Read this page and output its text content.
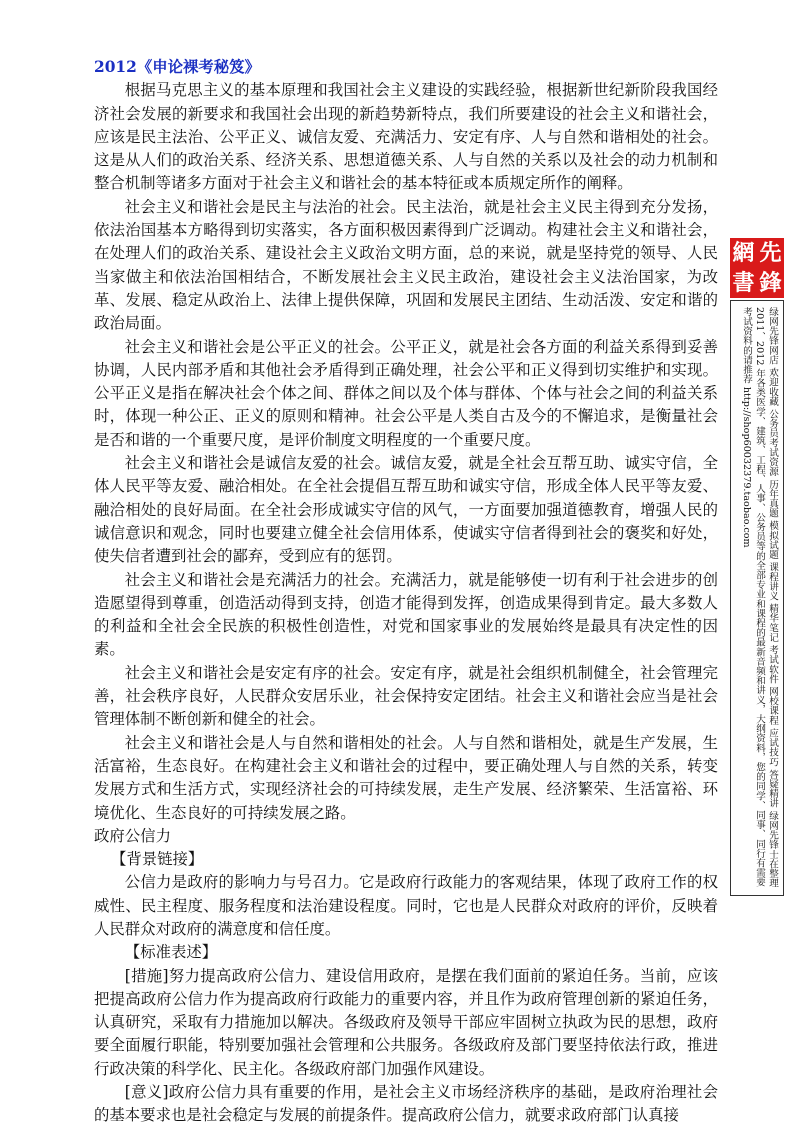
2012《申论裸考秘笈》

根据马克思主义的基本原理和我国社会主义建设的实践经验，根据新世纪新阶段我国经济社会发展的新要求和我国社会出现的新趋势新特点，我们所要建设的社会主义和谐社会，应该是民主法治、公平正义、诚信友爱、充满活力、安定有序、人与自然和谐相处的社会。这是从人们的政治关系、经济关系、思想道德关系、人与自然的关系以及社会的动力机制和整合机制等诸多方面对于社会主义和谐社会的基本特征或本质规定所作的阐释。

社会主义和谐社会是民主与法治的社会。民主法治，就是社会主义民主得到充分发扬，依法治国基本方略得到切实落实，各方面积极因素得到广泛调动。构建社会主义和谐社会，在处理人们的政治关系、建设社会主义政治文明方面，总的来说，就是坚持党的领导、人民当家做主和依法治国相结合，不断发展社会主义民主政治，建设社会主义法治国家，为改革、发展、稳定从政治上、法律上提供保障，巩固和发展民主团结、生动活泼、安定和谐的政治局面。

社会主义和谐社会是公平正义的社会。公平正义，就是社会各方面的利益关系得到妥善协调，人民内部矛盾和其他社会矛盾得到正确处理，社会公平和正义得到切实维护和实现。公平正义是指在解决社会个体之间、群体之间以及个体与群体、个体与社会之间的利益关系时，体现一种公正、正义的原则和精神。社会公平是人类自古及今的不懈追求，是衡量社会是否和谐的一个重要尺度，是评价制度文明程度的一个重要尺度。

社会主义和谐社会是诚信友爱的社会。诚信友爱，就是全社会互帮互助、诚实守信，全体人民平等友爱、融洽相处。在全社会提倡互帮互助和诚实守信，形成全体人民平等友爱、融洽相处的良好局面。在全社会形成诚实守信的风气，一方面要加强道德教育，增强人民的诚信意识和观念，同时也要建立健全社会信用体系，使诚实守信者得到社会的褒奖和好处，使失信者遭到社会的鄙弃，受到应有的惩罚。

社会主义和谐社会是充满活力的社会。充满活力，就是能够使一切有利于社会进步的创造愿望得到尊重，创造活动得到支持，创造才能得到发挥，创造成果得到肯定。最大多数人的利益和全社会全民族的积极性创造性，对党和国家事业的发展始终是最具有决定性的因素。

社会主义和谐社会是安定有序的社会。安定有序，就是社会组织机制健全，社会管理完善，社会秩序良好，人民群众安居乐业，社会保持安定团结。社会主义和谐社会应当是社会管理体制不断创新和健全的社会。

社会主义和谐社会是人与自然和谐相处的社会。人与自然和谐相处，就是生产发展，生活富裕，生态良好。在构建社会主义和谐社会的过程中，要正确处理人与自然的关系，转变发展方式和生活方式，实现经济社会的可持续发展，走生产发展、经济繁荣、生活富裕、环境优化、生态良好的可持续发展之路。

政府公信力

【背景链接】

公信力是政府的影响力与号召力。它是政府行政能力的客观结果，体现了政府工作的权威性、民主程度、服务程度和法治建设程度。同时，它也是人民群众对政府的评价，反映着人民群众对政府的满意度和信任度。

【标准表述】

[措施]努力提高政府公信力、建设信用政府，是摆在我们面前的紧迫任务。当前，应该把提高政府公信力作为提高政府行政能力的重要内容，并且作为政府管理创新的紧迫任务，认真研究，采取有力措施加以解决。各级政府及领导干部应牢固树立执政为民的思想，政府要全面履行职能，特别要加强社会管理和公共服务。各级政府及部门要坚持依法行政，推进行政决策的科学化、民主化。各级政府部门加强作风建设。

[意义]政府公信力具有重要的作用，是社会主义市场经济秩序的基础，是政府治理社会的基本要求也是社会稳定与发展的前提条件。提高政府公信力，就要求政府部门认真接

網 先
書 鋒
绿网先锋网店 欢迎收藏 公务员考试资源 历年真题 模拟试题 课程讲义 精华笔记 考试软件 网校课程 应试技巧 答疑精讲 绿网先锋士在整理 2011、2012 年各类医学、建筑、工程、人事、公务员等的全部专业和课程的最新音频和讲义，大纲资料，您的同学、同事、同行有需要考试资料的请推荐 http://shop60032379.taobao.com
